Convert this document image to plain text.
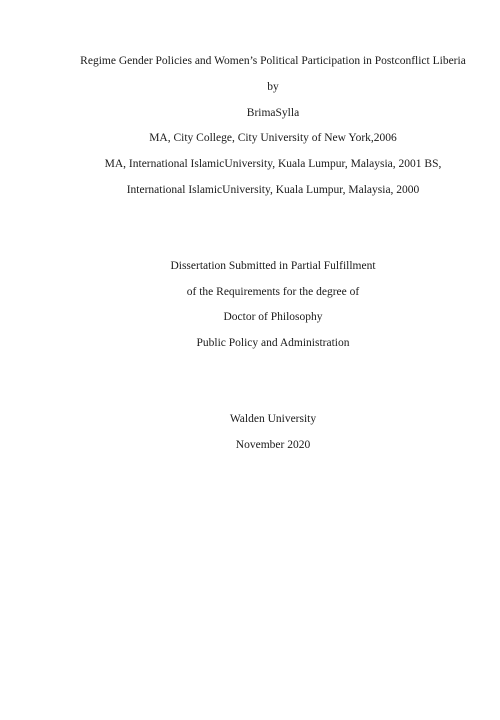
Regime Gender Policies and Women’s Political Participation in Postconflict Liberia
by
BrimaSylla
MA, City College, City University of New York,2006
MA, International IslamicUniversity, Kuala Lumpur, Malaysia, 2001 BS,
International IslamicUniversity, Kuala Lumpur, Malaysia, 2000
Dissertation Submitted in Partial Fulfillment
of the Requirements for the degree of
Doctor of Philosophy
Public Policy and Administration
Walden University
November 2020
